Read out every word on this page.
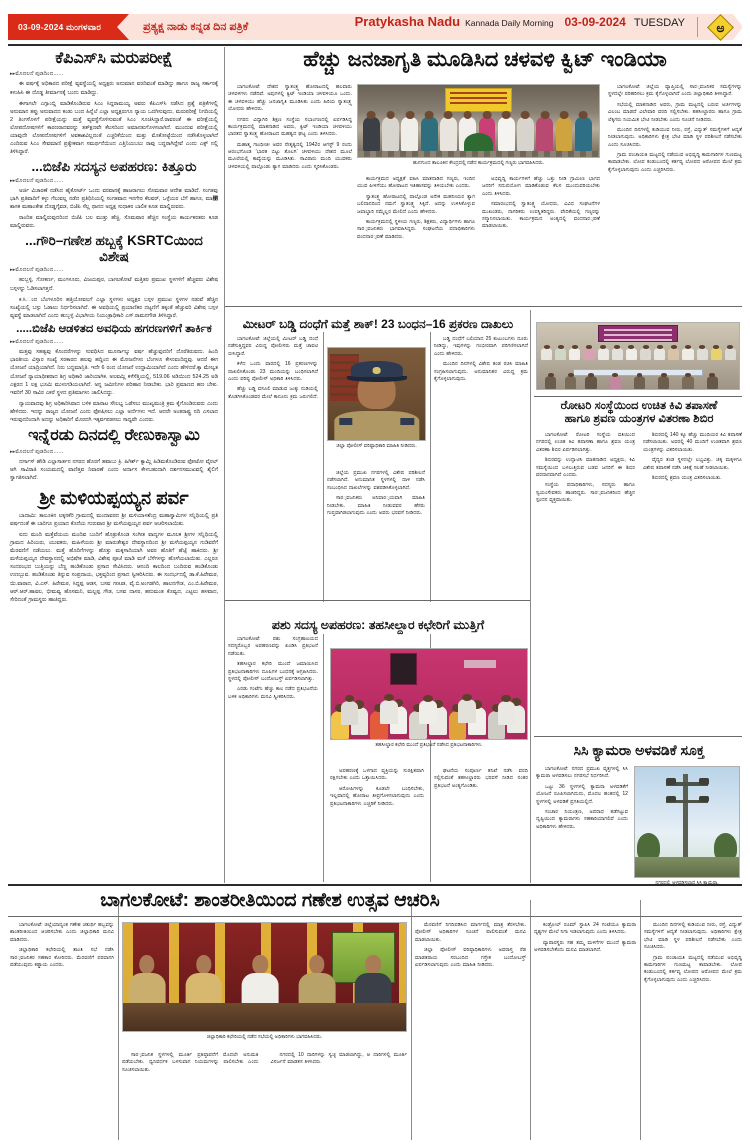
03-09-2024 ಮಂಗಳವಾರ	ಪ್ರತ್ಯಕ್ಷ ನಾಡು ಕನ್ನಡ ದಿನ ಪತ್ರಿಕೆ	Pratykasha Nadu Kannada Daily Morning 03-09-2024 TUESDAY	ಅ
ಕೆಪಿಎಸ್‌ಸಿ ಮರುಪರೀಕ್ಷೆ
▸▸ ಮೊದಲನೆ ಪುಡದಿಂದ......

ಈ ವರ್ಷಕ್ಕೆ ಅಧಿಕಾರದ ಪರೀಕ್ಷೆ ವ್ಯವಸ್ಥೆಯಲ್ಲಿ ಅಧ್ಯಕ್ಷರು ಅನುಮಾನ ವರದಿವಂತೆ ಮಾಡಿದ್ದು ಹಾಗೂ ರಾಜ್ಯ ಸರ್ಕಾರಕ್ಕೆ ಕಳುಹಿಸಿ ಈ ದೊಡ್ಡ ತೀರ್ಮಾನಕ್ಕೆ ಬಂದು ಮಾಡಿದ್ದು.

ಈಗಾಗಲೇ ಎಗ್ಸಾಂಬ್ಲಿ ಮಾಡಿಕೊಂಡಿರುವ ಸಿಎಂ ಸಿದ್ದರಾಮಯ್ಯ ಅವರು ಕೆಪಿಎಸ್‌ಸಿ ನಡೆಸಿದ ಪ್ರಶ್ನೆ ಪತ್ರಿಕೆಗಳಲ್ಲಿ ಅನುಮಾನ ತಪ್ಪು ಅನುವಾದದ ಕಂಡು ಬಂದ ಹಿನ್ನೆಲೆ ಎಲ್ಲಾ ಅಧ್ಯಕ್ಷರುಗೂ ನ್ಯಾಯ ಒದಗಿಸುವುದು, ಮರುಪರೀಕ್ಷೆ ನಿಗದಿಯಲ್ಲಿ 2 ತಿಂಗಳೊಳಗೆ ಪರೀಕ್ಷೆಯನ್ನು ಮತ್ತೆ ವ್ಯವಸ್ಥೆಗೊಳಿಸುವಂತೆ ಸಿಎಂ ಸೂಚಿಸಿದ್ದಾರೆ.ರಾವರಂತೆ ಈ ವರೀಕ್ಷೆಯಲ್ಲಿ ಲೋಪದೋಷಗಳಿಗೆ ಕಾರಣರಾದವರನ್ನು ತತ್ಕ್ಷಣವೇ ಕೆಲಸದಿಂದ ಅಮಾನತುಗೊಳಸಲಾಗಿದೆ. ಮುಂದುವ ಪರೀಕ್ಷೆಯಲ್ಲಿ ಯಾವುದೇ ಲೋಪದೋಷಗಳಿಗೆ ಅವಕಾಶವಿಲ್ಲದಂತೆ ಎಚ್ಚರಿಕೆಯಿಂದ ಮತ್ತು ಮೊಕೋಟ್ಟೆಯಿಂದ ನಡೆಸಿಕೊಳ್ಳಲಾಗಿದೆ ಎಂದಿರುವ ಸಿಎಂ ಸೇವಮಾಣಿ ಪ್ರತ್ಯೇಕವಾಗ ಸಮರ್ಥನೆಯಿಂದ ಎತ್ತಿನಿಯಬಲು ರಾವು ಬದ್ಧರಾಗಿದ್ದೇವೆ ಎಂದು ಎಕ್ಸ್ ನಲ್ಲಿ ತಿಳಿಸಿದ್ದಾರೆ.

...ಬಿಜೆಪಿ ಸದಸ್ಯನ ಅಪಹರಣ: ಕಿತ್ತೂರು
▸▸ ಮೊದಲನೆ ಪುಡದಿಂದ......

ಅರ್ಜಿ ವಿಚಾರಣೆ ನಡೆಸಿದ ಹೈಕೋರ್ಟ್ ಒಂದು ವರವಾನಕ್ಕೆ ಹಾಜರಾಗಲು ಸೊಮವಾರ ಆದೇಶ ಮಾಡಿದೆ. ಸಂಗತವು ಭಾಗಿ ಪ್ರತಿವಾದಿಗೆ ಕಳ್ಳು ಗೆಲುವಲ್ಲ ನಡೆದ ಪ್ರತಿಧಿನಿಯಲ್ಲಿ ಸಂಗತವಾದ ಇನಗೇರ ಕೆಲವರ್, ಒಳ್ಳೆಯರ ಬೆಗೆ ಹಾಗೂ, ಮಾ಩ ಶಾಸಕ ಮಹಾಂತೇಶ ದೊಡ್ಡಗೈವಡ, ಬಿಜೆಪಿ ಸೆಲ್ಲ ಥಾನದ ಅಧ್ಯಕ್ಷ ಸುಧಾಕರ ಬಾಲಿಕ ಕೂಡ ಮಾಲ್ಡಿರುವರು.

ರಾಂದಿತ ಮಾಲ್ಡಿರುವುದರಿಂದ ಬಿಜೆಪಿ ಬಲ ಮುತ್ತು ಹೆಚ್ಚಿ. ಸೊಮವಾರ ಹೆಚ್ಚಿನ ಸಂಸ್ಥೆಯ ಕಾರ್ಯಕರತರು ಕೂಡ ಮಾಲ್ಡಿರುವರು.

...ಗೌರಿ–ಗಣೇಶ ಹಬ್ಬಕ್ಕೆ KSRTCಯಿಂದ ವಿಶೇಷ
▸▸ ಮೊದಲನೆ ಪುಡದಿಂದ......

ಹುಬ್ಬಳ್ಳಿ, ಗೋಕರ್ಣ, ಮಂಗಳೂರು, ವಿಜಯಪುರ, ಬಾಗಲಕೋಟೆ ಮತ್ತಿತರ ಪ್ರಮುಖ ಸ್ಥಳಗಳಿಗೆ ಹೆಚ್ಚವರು ವಿಶೇಷ ಬಸ್ಗಳನ್ನು ಓಡಿಸಲಾಗತ್ತದೆ.

ಕ.ಸಿ.ಂದ ಬೆಂಗಳೂರಿನ ಹತ್ತಿಯೋವಲಗೆ ಎಲ್ಲಾ ಸ್ಥಳಗಳು ಅಧ್ಯಕ್ಷರ ಬಸ್ಗಳ ಪ್ರಮುಖ ಸ್ಥಳಗಳ ನಡುವೆ ಹೆಚ್ಚಿನ ಸಂಖ್ಯೆಯಲ್ಲಿ ಬಸ್ಸು ಓಡಾಲು ನಿರ್ಧರಿಸಲಾಗಿದೆ. ಈ ಅವಧಿಯಲ್ಲಿ ಪ್ರಯಾಣಿಕರ ದಟ್ಟಣಿಗೆ ತಕ್ಕಂತೆ ಹೆಚ್ಚುವರಿ ವಿಶೇಷ ಬಸ್ಗಳ ವ್ಯವಸ್ಥೆ ಮಾಡಲಾಗಿದೆ ಎಂದು ಹುಬ್ಬಳ್ಳಿ ವಿಭಾಗೀಯ ನಿಯಂತ್ರಾಧಿಕಾರಿ ಎಸ್.ರಾಮನಗೌಡ ತಿಳಿಸಿದ್ದಾರೆ.

.....ಬಿಜೆಪಿ ಆಡಳಿತದ ಅವಧಿಯ ಹಗರಣಗಳಿಗೆ ತಾರ್ಕಿಕ
▸▸ ಮೊದಲನೆ ಪುಡದಿಂದ......

ಮತ್ತವು ಸಹತ್ವವು ಕೊಂದರೆಗಳನ್ನು ಸುವಧಿಸಿದ ಮೂರ್ನಾಲ್ಕು ವರ್ಷ ಹೆಚ್ಚುವುದರಿಗೆ ದೊರೆತಿರುವದು. ಹಿಂದಿ ಭಾರತೀಯ ವಿಸ್ತಾರ ಸಂಖ್ಯೆ ಸರಕಾರದ ಹಲವು ಹದ್ದಿಂದ ಈ ಮೋಜನೆಗಳು ಬೆಂಗಳೂ ಕೇಳುವಂದಿದ್ದವು. ಆದರೆ ಈಗ ಯೋಜನೆ ಯಾದ್ರಿಯಾಗಿದೆ. ನಿರು ಬದ್ಧಮಾನ್ರಿತಿ. ಇದೇ 6 ರಂದ ಯೋಜನೆ ಉದ್ದಾಮಿಯಾಗಿದೆ ಎಂದು ಹೇಳಿದರೆ.ಕ್ಕಾ ಮೇಲ್ವತ ಯೋಜನೆ ನ್ಯಾಯಾಧೀಶರಾದ ಶಿಗ್ರ ಅಧಿಕಾರಿ ಜಾರಿಯಾಗಿಕ. ಅಲವಮ್ಲಿ ಕಳೆಸೆತ್ತಿಯಲ್ಲಿ, 519.06 ಅಡಿಯಿಂದ 524.25 ಅಡಿ ಎಕ್ಷರದ 1 ಲಕ್ಷ ಭೂಮಿ ಮುಳುಗಡಿಯಲಾಗಿದೆ. ಅನ್ನ ಜಮೀನಿಗಳ ಪರಿಹಾರ ನೀಡಬೇಕು. ಭಾರಿ ಪ್ರಮಾಣದ ಹಣ ಬೇಕು. ಇವರಿಗೆ 30 ಸಾವಿರ ಎಕರೆ ಸ್ಥಳದ ಪ್ರತಿಮಾಗಳು ಚಾಲಿಸಿದದ್ದು.

ನ್ಯಾಯವಾದವು ಶಿಗ್ರ ಅಧಿಕಾರಿಸಿವಾದ ಬಳಿಕ ಮಾರಾಟ ಸೌಲಭ್ಯ ಒಡೆಸಲು ಮುಖ್ಯಮಂತ್ರಿ ಕ್ರಮ ಕೈಗೊಂಡಿರುವರು ಎಂದು ಹೇಳಿದರು. ಇದನ್ನು ರಾಜ್ಯದ ಯೋಜನೆ ಎಂದು ಫೋಷಿಸಲು ಎಲ್ಲಾ ಅರ್ದೆಗಳು ಇದೆ. ಆದರೇ ಅಂತರಾಷ್ಟ್ರ ನದಿ ಎಸಲಾದ ಇರುವುದರಿಂದಾಗಿ ಅದನ್ನು ಅಧಿಕಾರಿಗೆ ಮೊರದಗಿ ಇಕ್ಕರ್ವಪಡಸಲು ಸಾಧ್ಯವೇ ಎಂದರು.

ಇನ್ನೆರಡು ದಿನದಲ್ಲಿ ರೇಣುಕಾಸ್ವಾಮಿ
▸▸ ಮೊದಲನೆ ಪುಡದಿಂದ......

ದರ್ಗಾಸ್ ಹೌಡಿ ಎಲ್ಲಾಸಾರ್ತನ ನಗರದ ಹೊರಗೆ ಹವಾಬು ಕ್ರಿ. ಹಿಗಿರ್ಶ್ ಕ್ಯಾಮ್ಲಿ ಹಿಡಿಮಕೊಂಡಿರುವ ಫೋಟೋ ವೈರಲ್ ಆಗಿ ಸಾವಿರಾತಿ ಸಂಯಮದಲ್ಲಿ ವಾಣಿತ್ತವ ನಿವಾರಣೆ ಎಂದು ಅರ್ದಾಸ ಕೇಳಬಹುದಾಗಿ ದರ್ಶನಸಮುಖವಲ್ಲಿ ಶೈಲಿಗೆ ಸ್ವಾಗತಿಸಲಾಗಿದೆ.

ಶ್ರೀ ಮಳಿಯಪ್ಪಯ್ಯನ ಪರ್ವ

ಬಾದಾಮಿ: ತಾಲೂಕಿನ ಲಕ್ಕನಕೆರಿ ಗ್ರಾಮದಲ್ಲಿ ಮಂದಾವರದ ಶ್ರೀ ಮಳಿಯಾಳಶೆಂದ್ರ ಮಹಾಸ್ವಾಮಿಗಳ ಸನ್ನಿಧಿಯಲ್ಲಿ ಪ್ರತಿ ವರ್ಷದಂತೆ ಈ ಬಾರಿಗೂ ಪ್ರಯಾದ ಕೊನೆಯ ಗುರುವಾರ ಶ್ರೀ ಮಳೆಯಪ್ಪಯ್ಯನ ಪರ್ವ ಆಚರಿಸಲಾಯಿತು.

ಐದು ಮಂದಿ ಮತ್ತೆವೆಯಯ ಮಂದಿವ ಬಂದಿಗೆ ಹೊತ್ರುಕೊಂಡ ಸಂಗೀತ ವಾದ್ಯಗಳ ಮೂಲಕ ಶ್ರೀಗಳ ಸನ್ನಿಧಿಯಲ್ಲಿ ಗ್ರಾಮದ ಹಿರಿಯರು, ಯುವಕರು, ಮಹಿಳೆಯರು ಶ್ರೀ ಮಾರುತೇಶ್ವರ ದೇವಸ್ಥಾನದಿಂದ ಶ್ರೀ ಮಳೆಯಪ್ಪಯ್ಯನ ಗುಡಿವರೆಗೆ ಮೆರವಣಿಗೆ ನಡೆಯಲು. ಮತ್ತೆ ಹೊದಿಗೆಗಳನ್ನು ಹೊತ್ತು ಮಕ್ಕಳಾದಿಯಾಗಿ ಅವರ ಹೊತಿಗೆ ಹೆಜ್ಸೆ ಹಾಕಿದರು. ಶ್ರೀ ಮಳೆಯಪ್ಪಯ್ಯನ ದೇವಸ್ಥಾನದಲ್ಲಿ ಅಭಿಷೇಕ ಮಾಡಿ, ವಿಶೇಷ ಪೂಜೆ ಮಾಡಿ ಮಳೆ ಬೆಳೆಗಳನ್ನು ಹೊಳೆಯಲಾಯಿತು. ಎಲ್ಲರೂ ಸಂದರಂಭದ ಬುತ್ತಿಯನ್ನು ಬೆಣ್ಣ ಹಂಡಿಕೊಂಡು ಪ್ರಸಾದ ಸೇವಿಸಿದರು. ಆನಂದಿ ಕಾಲದಿಂದ ಬಂದಿರುವ ಹಂಡಿಕೊಂಡು ಉಣಬ್ಬುವ. ಹಂಡಿಕೊಂಡು ತಿನ್ನುವ ಸಂಪ್ರದಾಯ, ಭಕ್ತವ್ಯರಿಂದ ಪ್ರಸಾದ ಸ್ವೀಕರಿಸಿದರು. ಈ ಸಂದರ್ಭದಲ್ಲಿ ಡಾ.ಕೆ.ಹಿರೇಮಠ, ಯಿ.ವಾರಾದ, ವಿ.ಎಸ್. ಹಿರೇಮಠ, ಸಿದ್ದಪ್ಪ ಆಡಸ, ಬಸವ ಗouಡ, ವೈ.ಬಿ.ಅಂಗಡಗಿರಿ, ಹಾಲನಗೌಡ, ಎಂ.ಬಿ.ಹಿರೇಮಠ, ಆರ್.ಆರ್.ಹಾವಲ, ಭೀಮವ್ವ ಹೊಸಮನಿ, ಮಲ್ಲಪ್ಪ ಗೌಡ, ಬಸವ ದಾಸರ, ಹನುಮಂತ ಕೊವ್ವದ, ಎಟ್ಟಲು ಹಳವಾದ, ಸೇರಿದಂತೆ ಗ್ರಾಮಸ್ಥರು ಹಾಜಿದ್ದರು.

ಹೆಚ್ಚು ಜನಜಾಗೃತಿ ಮೂಡಿಸಿದ ಚಳವಳಿ ಕ್ವಿಟ್ ಇಂಡಿಯಾ
ಹುನಗುಂದ ತಾಲೂಕಿನ ಕೇಂದ್ರದಲ್ಲಿ ನಡೆದ ಕಾರ್ಯಕ್ರಮದಲ್ಲಿ ಗಣ್ಯರು ಭಾಗವಹಿಸಿದರು.

ಬಾಗಲಕೋಟೆ: ದೇಶದ ಸ್ವಾತಂತ್ರ್ಯ ಹೋರಾಟದಲ್ಲಿ ಹಲವಾರು ಚಳವಳಿಗಳು ನಡೆದಿವೆ. ಅವುಗಳಲ್ಲಿ ಕ್ವಿಟ್ ಇಂಡಿಯಾ ಚಳವಳಿಯೂ ಒಂದು. ಈ ಚಳವಳಿಯು ಹೆಚ್ಚು ಜನಜಾಗೃತಿ ಮೂಡಿಸಿತು ಎಂದು ಹಿರಿಯ ಸ್ವಾತಂತ್ರ್ಯ ಯೋಧರು ಹೇಳಿದರು.

ನಗರದ ವಿದ್ಯಾಗಿರಿ ಶಿಕ್ಷಣ ಸಂಸ್ಥೆಯ ಸಭಾಂಗಣದಲ್ಲಿ ಏರ್ಪಡಿಸಿದ್ದ ಕಾರ್ಯಕ್ರಮದಲ್ಲಿ ಮಾತನಾಡಿದ ಅವರು, ಕ್ವಿಟ್ ಇಂಡಿಯಾ ಚಳವಳಿಯು ಭಾರತದ ಸ್ವಾತಂತ್ರ್ಯ ಹೋರಾಟದ ಮಹತ್ವದ ಘಟ್ಟ ಎಂದು ತಿಳಿಸಿದರು.

ಮಹಾತ್ಮ ಗಾಂಧೀಜೀ ಅವರ ನೇತೃತ್ವದಲ್ಲಿ 1942ರ ಆಗಸ್ಟ್ 9 ರಂದು ಆರಂಭಗೊಂಡ 'ಭಾರತ ಬಿಟ್ಟು ತೊಲಗಿ' ಚಳವಳಿಯು ದೇಶದ ಮೂಲೆ ಮೂಲೆಯಲ್ಲಿ ಕಾವ್ವೆಯನ್ನು ಮೂಡಿಸಿತು. ಸಾವಿರಾರು ಮಂದಿ ಯುವಕರು ಚಳವಳಿಯಲ್ಲಿ ಪಾಲ್ಗೊಂಡು ತ್ಯಾಗ ಮಾಡಿದರು ಎಂದು ಸ್ಮರಿಸಿಕೊಂಡರು.

ಕಾರ್ಯಕ್ರಮದ ಅಧ್ಯಕ್ಷತೆ ವಹಿಸಿ ಮಾತನಾಡಿದ ಗಣ್ಯರು, ಇಂದಿನ ಯುವ ಪೀಳಿಗೆಯು ಹೋರಾಟದ ಇತಿಹಾಸವನ್ನು ತಿಳಿಯಬೇಕು ಎಂದರು.

ಸ್ವಾತಂತ್ರ್ಯ ಹೋರಾಟದಲ್ಲಿ ಪಾಲ್ಗೊಂಡ ಅನೇಕ ಮಹನೀಯರ ತ್ಯಾಗ ಬಲಿದಾನದಿಂದ ನಮಗೆ ಸ್ವಾತಂತ್ರ್ಯ ಸಿಕ್ಕಿದೆ. ಅದನ್ನು ಉಳಿಸಿಕೊಳ್ಳುವ ಜವಾಬ್ದಾರಿ ನಮ್ಮೆಲ್ಲರ ಮೇಲಿದೆ ಎಂದು ಹೇಳಿದರು.

ಕಾರ್ಯಕ್ರಮದಲ್ಲಿ ಸ್ಥಳೀಯ ಗಣ್ಯರು, ಶಿಕ್ಷಕರು, ವಿದ್ಯಾರ್ಥಿಗಳು ಹಾಗೂ ಸಾರ्ವಜನಿಕರು ಭಾಗವಹಿಸಿದ್ದರು. ಸಂಘಟನೆಯ ಪದಾಧಿಕಾರಿಗಳು ವಂದನಾರ्ಪಣೆ ಮಾಡಿದರು.

ಅಭಿವೃದ್ಧಿ ಕಾರ್ಯಗಳಿಗೆ ಹೆಚ್ಚು ಒತ್ತು ನೀಡಿ ಗ್ರಾಮೀಣ ಭಾಗದ ಜನರಿಗೆ ಸದುಪಯೋಗ ಮಾಡಿಕೊಡುವ ಕೆಲಸ ಮುಂದುವರಿಯಬೇಕು ಎಂದು ತಿಳಿಸಿದರು.

ಸಮಾರಂಭದಲ್ಲಿ ಸ್ವಾತಂತ್ರ್ಯ ಯೋಧರು, ವಿವಿಧ ಸಂಘಟನೆಗಳ ಮುಖಂಡರು, ನಾಗರಿಕರು ಉಪಸ್ಥಿತರಿದ್ದರು. ವೇದಿಕೆಯಲ್ಲಿ ಗಣ್ಯರನ್ನು ಸನ್ಮಾನಿಸಲಾಯಿತು. ಕಾರ್ಯಕ್ರಮದ ಅಂತ್ಯದಲ್ಲಿ ವಂದನಾರ्ಪಣೆ ಮಾಡಲಾಯಿತು.

ಬಾಗಲಕೋಟೆ: ಜಿಲ್ಲೆಯ ವ್ಯಾಪ್ತಿಯಲ್ಲಿ ಸಾರ्ವಜನಿಕರ ಸಮಸ್ಯೆಗಳನ್ನು ಸ್ಥಳದಲ್ಲೇ ಪರಿಹರಿಸಲು ಕ್ರಮ ಕೈಗೊಳ್ಳಲಾಗಿದೆ ಎಂದು ಜಿಲ್ಲಾಧಿಕಾರಿ ತಿಳಿಸಿದ್ದಾರೆ.

ಸಭೆಯಲ್ಲಿ ಮಾತನಾಡಿದ ಅವರು, ಗ್ರಾಮ ಮಟ್ಟದಲ್ಲಿ ಬರುವ ಅರ್ಜಿಗಳನ್ನು ವಿಲಂಬ ಮಾಡದೆ ವಿಲೇವಾರಿ ವರದಿ ಸಲ್ಲಿಸಬೇಕು. ತಹಸೀಲ್ದಾರರು ಹಾಗೂ ಗ್ರಾಮ ಲೆಕ್ಕಿಗರು ನಿಯಮಿತ ಭೇಟಿ ನೀಡಬೇಕು ಎಂದು ಸೂಚನೆ ನೀಡಿದರು.

ಮುಂದಿನ ದಿನಗಳಲ್ಲಿ ಕುಡಿಯುವ ನೀರು, ರಸ್ತೆ, ವಿದ್ಯುತ್ ಸಮಸ್ಯೆಗಳಿಗೆ ಆದ್ಯತೆ ನೀಡಲಾಗುವುದು. ಅಧಿಕಾರಿಗಳು ಕ್ಷೇತ್ರ ಭೇಟಿ ಮಾಡಿ ಸ್ಥಳ ಪರಿಶೀಲನೆ ನಡೆಸಬೇಕು ಎಂದು ಸೂಚಿಸಿದರು.

ಗ್ರಾಮ ಪಂಚಾಯತಿ ಮಟ್ಟದಲ್ಲಿ ನಡೆಯುವ ಅಭಿವೃದ್ಧಿ ಕಾಮಗಾರಿಗಳ ಗುಣಮಟ್ಟ ಕಾಪಾಡಬೇಕು. ಲೋಪ ಕಂಡುಬಂದಲ್ಲಿ ಕರ್ತವ್ಯ ಲೋಪದ ಆರೋಪದ ಮೇಲೆ ಕ್ರಮ ಕೈಗೊಳ್ಳಲಾಗುವುದು ಎಂದು ಎಚ್ಚರಿಸಿದರು.

ಮೀಟರ್ ಬಡ್ಡಿ ದಂಧೆಗೆ ಮತ್ತೆ ಶಾಕ್! 23 ಬಂಧನ–16 ಪ್ರಕರಣ ದಾಖಲು
ಜಿಲ್ಲಾ ಪೋಲೀಸ್ ವರಿಷ್ಟಾಧಿಕಾರಿ ಮಾಹಿತಿ ನೀಡಿದರು.

ಬಾಗಲಕೋಟೆ: ಜಿಲ್ಲೆಯಲ್ಲಿ ಮೀಟರ್ ಬಡ್ಡಿ ದಂಧೆ ನಡೆಸುತ್ತಿದ್ದವರ ವಿರುದ್ಧ ಪೋಲೀಸರು ಮತ್ತೆ ಚಾವಟಿ ಬೀಸಿದ್ದಾರೆ.

ಕಳೆದ ಒಂದು ವಾರದಲ್ಲಿ 16 ಪ್ರಕರಣಗಳನ್ನು ದಾಖಲಿಸಿಕೊಂಡು 23 ಮಂದಿಯನ್ನು ಬಂಧಿಸಲಾಗಿದೆ ಎಂದು ವರಿಷ್ಟ ಪೋಲೀಸ್ ಅಧಿಕಾರಿ ತಿಳಿಸಿದರು.

ಹೆಚ್ಚು ಬಡ್ಡಿ ವಸೂಲಿ ಮಾಡುವ ಜುಕ್ಕು ನುಡಿಯಲ್ಲಿ ತೊಡಗಿಸಿಕೊಂಡವರ ಮೇಲೆ ಕಾನೂನು ಕ್ರಮ ಜರುಗಲಿದೆ.

ಜಿಲ್ಲೆಯ ಪ್ರಮುಖ ನಗರಗಳಲ್ಲಿ ವಿಶೇಷ ಪರಿಶೀಲನೆ ನಡೆಸಲಾಗಿದೆ. ಅನುಮಾನಿತ ಸ್ಥಳಗಳಲ್ಲಿ ದಾಳಿ ನಡೆಸಿ ಸಂಬಂಧಿಸಿದ ದಾಖಲೆಗಳನ್ನು ವಶಪಡಿಸಿಕೊಳ್ಳಲಾಗಿದೆ.

ಸಾರ्ವಜನಿಕರು ಅನಿವಾರ्ಯವಾಗಿ ಮಾಹಿತಿ ನೀಡಬೇಕು. ಮಾಹಿತಿ ನೀಡುವವರ ಹೆಸರು ಗುಪ್ತವಾಗಿಡಲಾಗುವುದು ಎಂದು ಅವರು ಭರವಸೆ ನೀಡಿದರು.

ಬಡ್ಡಿ ದಂಧೆಗೆ ಬಲಿಯಾದ 25 ಕುಟುಂಬಗಳು ದೂರು ನೀಡಿದ್ದು, ಇವುಗಳನ್ನು ಗಂಭೀರವಾಗಿ ಪರಿಗಣಿಸಲಾಗಿದೆ ಎಂದು ಹೇಳಿದರು.

ಮುಂದಿನ ದಿನಗಳಲ್ಲಿ ವಿಶೇಷ ತಂಡ ರಚಿಸಿ ಮಾಹಿತಿ ಸಂಗ್ರಹಿಸಲಾಗುವುದು. ಅನುಮಾನಿತರ ವಿರುದ್ಧ ಕ್ರಮ ಕೈಗೊಳ್ಳಲಾಗುವುದು.

ಪಶು ಸದಸ್ಯ ಅಪಹರಣ: ತಹಸೀಲ್ದಾರ ಕಛೇರಿಗೆ ಮುತ್ತಿಗೆ
ತಹಸೀಲ್ದಾರ ಕಛೇರಿ ಮುಂದೆ ಪ್ರತಿಭಟನೆ ನಡೆಸಿದ ಪ್ರತಿಭಟನಾಕಾರಿಗಳು.

ಬಾಗಲಕೋಟೆ: ಪಶು ಸಂಗ್ರಹಾಲಯದ ಸದಸ್ಯರೊಬ್ಬರ ಅಪಹರಣವನ್ನು ಖಂಡಿಸಿ ಪ್ರತಿಭಟನೆ ನಡೆಯಿತು.

ತಹಸೀಲ್ದಾರ ಕಛೇರಿ ಮುಂದೆ ಜಮಾಯಿಸಿದ ಪ್ರತಿಭಟನಾಕಾರಿಗಳು ದೂಷಿಗಳ ಬಂಧನಕ್ಕೆ ಆಗ್ರಹಿಸಿದರು. ಸ್ಥಳದಲ್ಲಿ ಪೋಲೀಸ್ ಬಂದೋಬಸ್ತ್ ಏರ್ಪಡಿಸಲಾಗಿತ್ತು.

ಎರಡು ಗಂಟೆಗು ಹೆಚ್ಚು ಕಾಲ ನಡೆದ ಪ್ರತಿಭಟನೆಯ ಬಳಿಕ ಅಧಿಕಾರಿಗಳು ಮನವಿ ಸ್ವೀಕರಿಸಿದರು.

ಅಪಹರಣಕ್ಕೆ ಒಳಗಾದ ವ್ಯಕ್ತಿಯನ್ನು ಸುರಕ್ಷಿತವಾಗಿ ರಕ್ಷಿಸಬೇಕು ಎಂದು ಒತ್ತಾಯಿಸಿದರು.

ಆರೋಪಿಗಳನ್ನು ಕೂಡಲೇ ಬಂಧಿಸಬೇಕು, ಇಲ್ಲವಾದಲ್ಲಿ ಹೋರಾಟ ತೀವ್ರಗೊಳಿಸಲಾಗುವುದು ಎಂದು ಪ್ರತಿಭಟನಾಕಾರಿಗಳು ಎಚ್ಚರಿಕೆ ನೀಡಿದರು.

ಘಟನೆಯ ಸಂಪೂರ್ಣ ತನಿಖೆ ನಡೆಸಿ ವರದಿ ಸಲ್ಲಿಸುವಂತೆ ತಹಸೀಲ್ದಾರರು ಭರವಸೆ ನೀಡಿದ ನಂತರ ಪ್ರತಿಭಟನೆ ಅಂತ್ಯಗೊಂಡಿತು.

ರೋಟರಿ ಸಂಸ್ಥೆಯಿಂದ ಉಚಿತ ಕಿವಿ ತಪಾಸಣೆ
ಹಾಗೂ ಶ್ರವಣ ಯಂತ್ರಗಳ ವಿತರಣಾ ಶಿಬಿರ

ಬಾಗಲಕೋಟೆ: ರೋಟರಿ ಸಂಸ್ಥೆಯ ವತಿಯಿಂದ ನಗರದಲ್ಲಿ ಉಚಿತ ಕಿವಿ ತಪಾಸಣಾ ಹಾಗೂ ಶ್ರವಣ ಯಂತ್ರ ವಿತರಣಾ ಶಿಬಿರ ಏರ್ಪಡಿಸಲಾಗಿತ್ತು.

ಶಿಬಿರವನ್ನು ಉದ್ಘಾಟಿಸಿ ಮಾತನಾಡಿದ ಅಧ್ಯಕ್ಷರು, ಕಿವಿ ಸಮಸ್ಯೆಯಿಂದ ಬಳಲುತ್ತಿರುವ ಬಡವ ಜನರಿಗೆ ಈ ಶಿಬಿರ ವರದಾನವಾಗಿದೆ ಎಂದರು.

ಸಂಸ್ಥೆಯ ಪದಾಧಿಕಾರಿಗಳು, ಸದಸ್ಯರು ಹಾಗೂ ಸ್ವಯಂಸೇವಕರು ಹಾಜಿರಿದ್ದರು. ಸಾರ्ವಜನಿಕರಿಂದ ಹೆಚ್ಚಿನ ಸ್ಪಂದನ ವ್ಯಕ್ತವಾಯಿತು.

ಶಿಬಿರದಲ್ಲಿ 140 ಕ್ಕೂ ಹೆಚ್ಚು ಮಂದಿಯರ ಕಿವಿ ತಪಾಸಣೆ ನಡೆಸಲಾಯಿತು. ಅವರಲ್ಲಿ 40 ಮಂದಿಗೆ ಉಚಿತವಾಗಿ ಶ್ರವಣ ಯಂತ್ರಗಳನ್ನು ವಿತರಿಸಲಾಯಿತು.

ವೈದ್ಯರ ತಂಡ ಸ್ಥಳದಲ್ಲೇ ಲಭ್ಯವಿತ್ತು. ಚಿಕ್ಕ ಮಕ್ಕಳಿಗೂ ವಿಶೇಷ ತಪಾಸಣೆ ನಡೆಸಿ ಚಿಕಿತ್ಸೆ ಸಲಹೆ ನೀಡಲಾಯಿತು.

ಶಿಬಿರದಲ್ಲಿ ಶ್ರವಣ ಯಂತ್ರ ವಿತರಿಸಲಾಯಿತು.

ಸಿಸಿ ಕ್ಯಾಮರಾ ಅಳವಡಿಕೆ ಸೂಕ್ತ
ನಗರದಲ್ಲಿ ಅಳವಡಿಸಲಾದ ಸಿಸಿ ಕ್ಯಾಮರಾ.

ಬಾಗಲಕೋಟೆ: ನಗರದ ಪ್ರಮುಖ ವೃತ್ತಗಳಲ್ಲಿ ಸಿಸಿ ಕ್ಯಾಮರಾ ಅಳವಡಿಸಲು ನಗರಸಭೆ ನಿರ್ಧರಿಸಿದೆ.

ಒಟ್ಟು 36 ಸ್ಥಳಗಳಲ್ಲಿ ಕ್ಯಾಮರಾ ಅಳವಡಿಕೆಗೆ ಯೋಜನೆ ರೂಪಿಸಲಾಗಿದುದು, ಮೊದಲ ಹಂತದಲ್ಲಿ 12 ಸ್ಥಳಗಳಲ್ಲಿ ಅಳವಡಿಕೆ ಪ್ರಗತಿಯಲ್ಲಿದೆ.

ಸಂಚಾರ ನಿಯಂತ್ರಣ, ಅಪರಾಧ ತಡೆಗಟ್ಟುವ ದೃಷ್ಟಿಯಿಂದ ಕ್ಯಾಮರಾಗಳು ಸಹಕಾರಿಯಾಗಲಿವೆ ಎಂದು ಅಧಿಕಾರಿಗಳು ಹೇಳಿದರು.

ಬಾಗಲಕೋಟೆ: ಶಾಂತರೀತಿಯಿಂದ ಗಣೇಶ ಉತ್ಸವ ಆಚರಿಸಿ
ಜಿಲ್ಲಾಧಿಕಾರಿ ಕಛೇರಿಯಲ್ಲಿ ನಡೆದ ಸಭೆಯಲ್ಲಿ ಅಧಿಕಾರಿಗಳು ಭಾಗವಹಿಸಿದರು.

ಬಾಗಲಕೋಟೆ: ಜಿಲ್ಲೆಯಾದ್ಯಂತ ಗಣೇಶ ಚತುರ್ಥಿ ಹಬ್ಬವನ್ನು ಶಾಂತರೀತಿಯಿಂದ ಆಚರಿಸಬೇಕು ಎಂದು ಜಿಲ್ಲಾಧಿಕಾರಿ ಮನವಿ ಮಾಡಿದರು.

ಜಿಲ್ಲಾಧಿಕಾರಿ ಕಛೇರಿಯಲ್ಲಿ ಶಾಂತಿ ಸಭೆ ನಡೆಸಿ ಸಾರ्ವಜನಿಕರ ಸಹಕಾರ ಕೋರಿದರು. ಮೆರವಣಿಗೆ ಪರವಾನಗಿ ಪಡೆಯುವುದು ಕಡ್ಡಾಯ ಎಂದರು.

ಸಾರ्ವಜನಿಕ ಸ್ಥಳಗಳಲ್ಲಿ ಮೂರ್ತಿ ಪ್ರತಿಷ್ಠಾಪನೆಗೆ ಮೊದಲೇ ಅನುಮತಿ ಪಡೆಯಬೇಕು. ಧ್ವನಿವರ್ಧಕ ಬಳಸುವಾಗ ನಿಯಮಗಳನ್ನು ಪಾಲಿಸಬೇಕು ಎಂದು ಸೂಚಿಸಲಾಯಿತು.

ನಗರದಲ್ಲಿ 10 ದಾರಿಗಳನ್ನು ಸ್ವಚ್ಛ ಮಾಡಲಾಗಿದ್ದು, ಆ ದಾರಿಗಳಲ್ಲಿ ಮೂರ್ತಿ ವಿಸರ್ಜನೆ ಮಾಡತಸ ತಿಳಿಸಿದರು.

ಮೆರವಣಿಗೆ ನಿಗದಿಪಡಿಸಿದ ಮಾರ್ಗದಲ್ಲಿ ಮಾತ್ರ ತೆರಳಬೇಕು. ಪೋಲೀಸ್ ಅಧಿಕಾರಿಗಳ ಸೂಚನೆ ಪಾಲಿಸುವಂತೆ ಮನವಿ ಮಾಡಲಾಯಿತು.

ಜಿಲ್ಲಾ ಪೋಲೀಸ್ ವರಿಷ್ಠಾಧಿಕಾರಿಗಳು ಅವರಾಸ್ತ ರೆಡ ಮಾಡತರಾಯ ಸರಬಂದಿದ ಗಸ್ತೇಕ ಬಂದೋಬಸ್ತ್ ಏರ್ಪಡಿಸಲಾಗುವುದು ಎಂದು ಮಾಹಿತಿ ನೀಡಿದರು.

ಕಂಡ್ರೋಲ್ ರೂಮ್ ಸ್ಥಾಪಿಸಿ 24 ಗಂಟೆಯೂ ಕ್ಯಾಮರಾ ದೃಶ್ಯಗಳ ಮೇಲೆ ನಿಗಾ ಇಡಲಾಗುವುದು ಎಂದು ತಿಳಿಸಿದರು.

ವ್ಯಾಪಾರಸ್ಥರು ಸಹ ತಮ್ಮ ಮಳಿಗೆಗಳ ಮುಂದೆ ಕ್ಯಾಮರಾ ಅಳವಡಿಸಬೇಕೆಂದು ಮನವಿ ಮಾಡಲಾಗಿದೆ.

ಮುಂದಿನ ದಿನಗಳಲ್ಲಿ ಕುಡಿಯುವ ನೀರು, ರಸ್ತೆ, ವಿದ್ಯುತ್ ಸಮಸ್ಯೆಗಳಿಗೆ ಆದ್ಯತೆ ನೀಡಲಾಗುವುದು. ಅಧಿಕಾರಿಗಳು ಕ್ಷೇತ್ರ ಭೇಟಿ ಮಾಡಿ ಸ್ಥಳ ಪರಿಶೀಲನೆ ನಡೆಸಬೇಕು ಎಂದು ಸೂಚಿಸಿದರು.

ಗ್ರಾಮ ಪಂಚಾಯತಿ ಮಟ್ಟದಲ್ಲಿ ನಡೆಯುವ ಅಭಿವೃದ್ಧಿ ಕಾಮಗಾರಿಗಳ ಗುಣಮಟ್ಟ ಕಾಪಾಡಬೇಕು. ಲೋಪ ಕಂಡುಬಂದಲ್ಲಿ ಕರ್ತವ್ಯ ಲೋಪದ ಆರೋಪದ ಮೇಲೆ ಕ್ರಮ ಕೈಗೊಳ್ಳಲಾಗುವುದು ಎಂದು ಎಚ್ಚರಿಸಿದರು.
